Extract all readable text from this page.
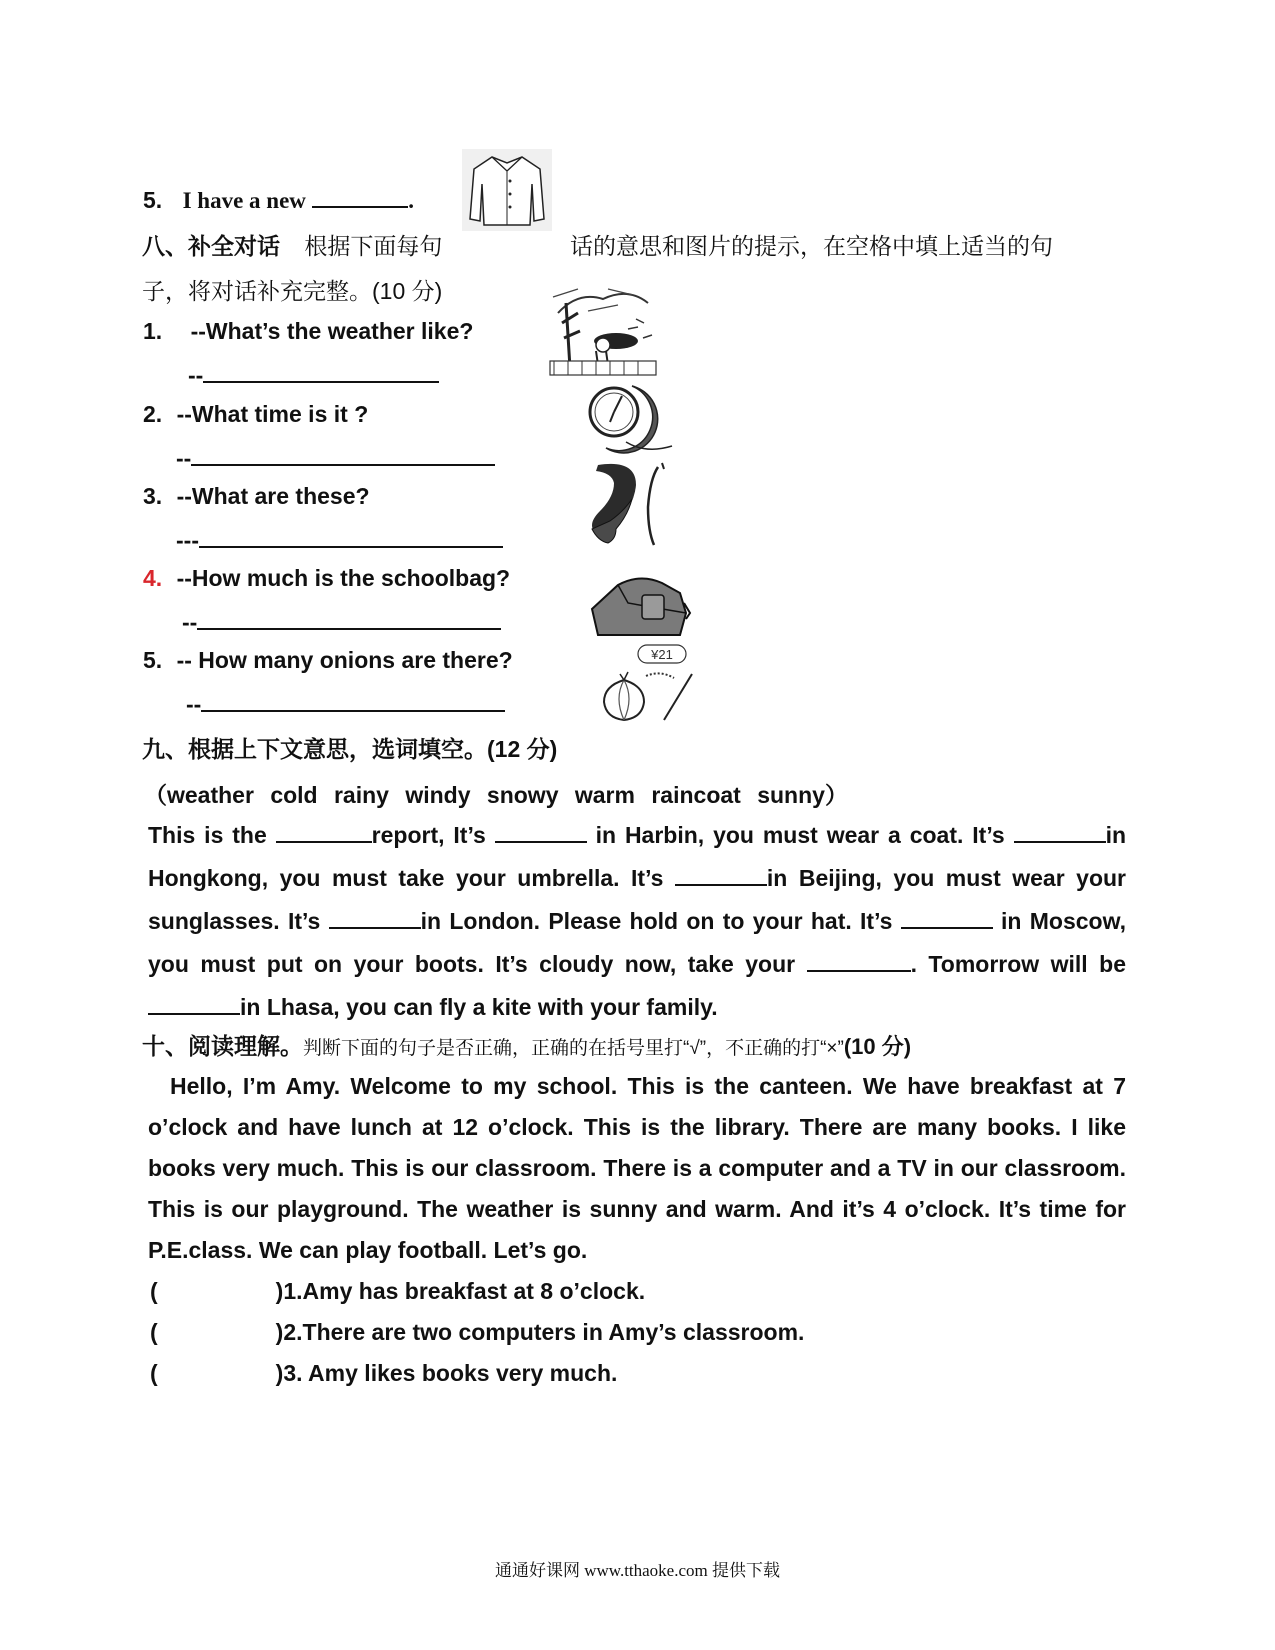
5. I have a new	.
八、补全对话 根据下面每句	话的意思和图片的提示，在空格中填上适当的句
子，将对话补充完整。(10 分)
1. --What’s the weather like?
--
2. --What time is it ?
--
3. --What are these?
---
4. --How much is the schoolbag?
--
5. -- How many onions are there?
--
¥21
九、根据上下文意思，选词填空。(12 分)
（weather cold rainy windy snowy warm raincoat sunny）
This is the	report, It’s	in Harbin, you must wear a coat. It’s	in Hongkong, you must take your umbrella. It’s	in Beijing, you must wear your sunglasses. It’s	in London. Please hold on to your hat. It’s	in Moscow, you must put on your boots. It’s cloudy now, take your	. Tomorrow will be in Lhasa, you can fly a kite with your family.
十、阅读理解。判断下面的句子是否正确，正确的在括号里打“√”，不正确的打“×”(10 分)
Hello, I’m Amy. Welcome to my school. This is the canteen. We have breakfast at 7 o’clock and have lunch at 12 o’clock. This is the library. There are many books. I like books very much. This is our classroom. There is a computer and a TV in our classroom. This is our playground. The weather is sunny and warm. And it’s 4 o’clock. It’s time for P.E.class. We can play football. Let’s go.
(	)1.Amy has breakfast at 8 o’clock.
(	)2.There are two computers in Amy’s classroom.
(	)3. Amy likes books very much.
通通好课网 www.tthaoke.com 提供下载
